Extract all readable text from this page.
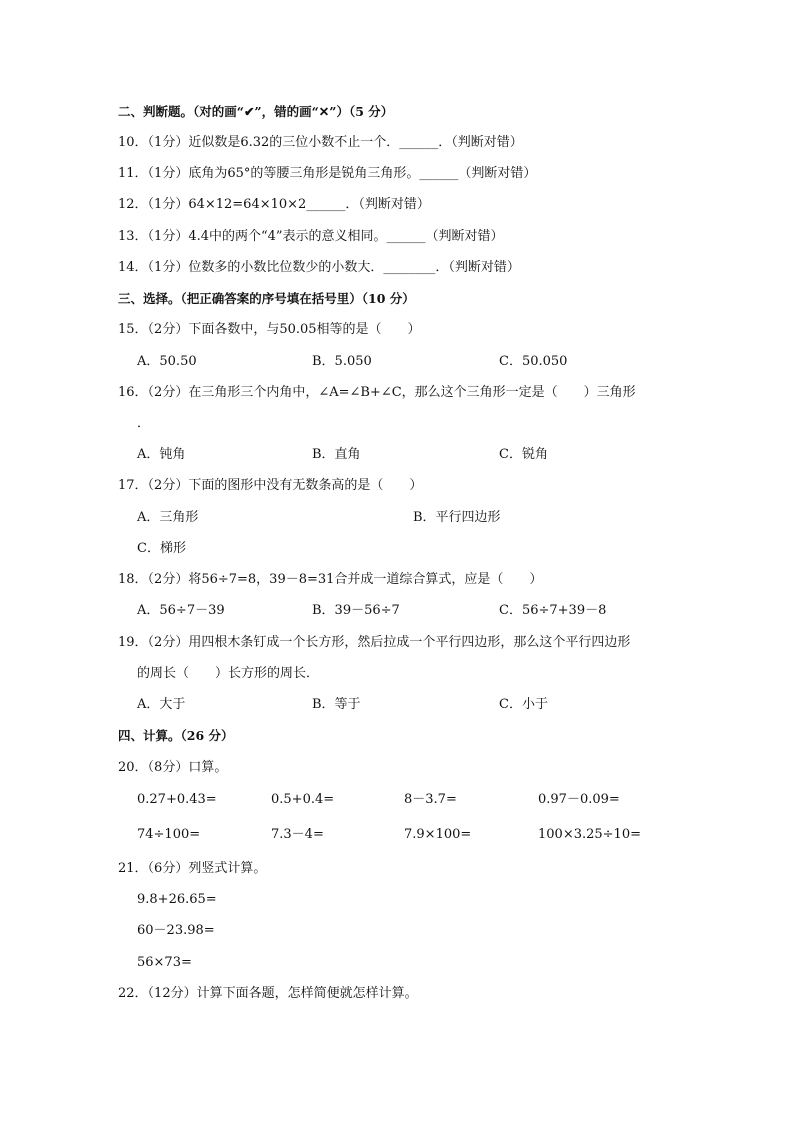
二、判断题。（对的画“✔”，错的画“✕”）（5 分）
10．（1分）近似数是6.32的三位小数不止一个．______．（判断对错）
11．（1分）底角为65°的等腰三角形是锐角三角形。______（判断对错）
12．（1分）64×12=64×10×2______．（判断对错）
13．（1分）4.4中的两个“4”表示的意义相同。______（判断对错）
14．（1分）位数多的小数比位数少的小数大．________．（判断对错）
三、选择。（把正确答案的序号填在括号里）（10 分）
15．（2分）下面各数中，与50.05相等的是（　　）
A．50.50	B．5.050	C．50.050
16．（2分）在三角形三个内角中，∠A=∠B+∠C，那么这个三角形一定是（　　）三角形
．
A．钝角	B．直角	C．锐角
17．（2分）下面的图形中没有无数条高的是（　　）
A．三角形	B．平行四边形
C．梯形
18．（2分）将56÷7=8，39－8=31合并成一道综合算式，应是（　　）
A．56÷7－39	B．39－56÷7	C．56÷7+39－8
19．（2分）用四根木条钉成一个长方形，然后拉成一个平行四边形，那么这个平行四边形
的周长（　　）长方形的周长．
A．大于	B．等于	C．小于
四、计算。（26 分）
20．（8分）口算。
0.27+0.43=	0.5+0.4=	8－3.7=	0.97－0.09=
74÷100=	7.3－4=	7.9×100=	100×3.25÷10=
21．（6分）列竖式计算。
9.8+26.65=
60－23.98=
56×73=
22．（12分）计算下面各题，怎样简便就怎样计算。
